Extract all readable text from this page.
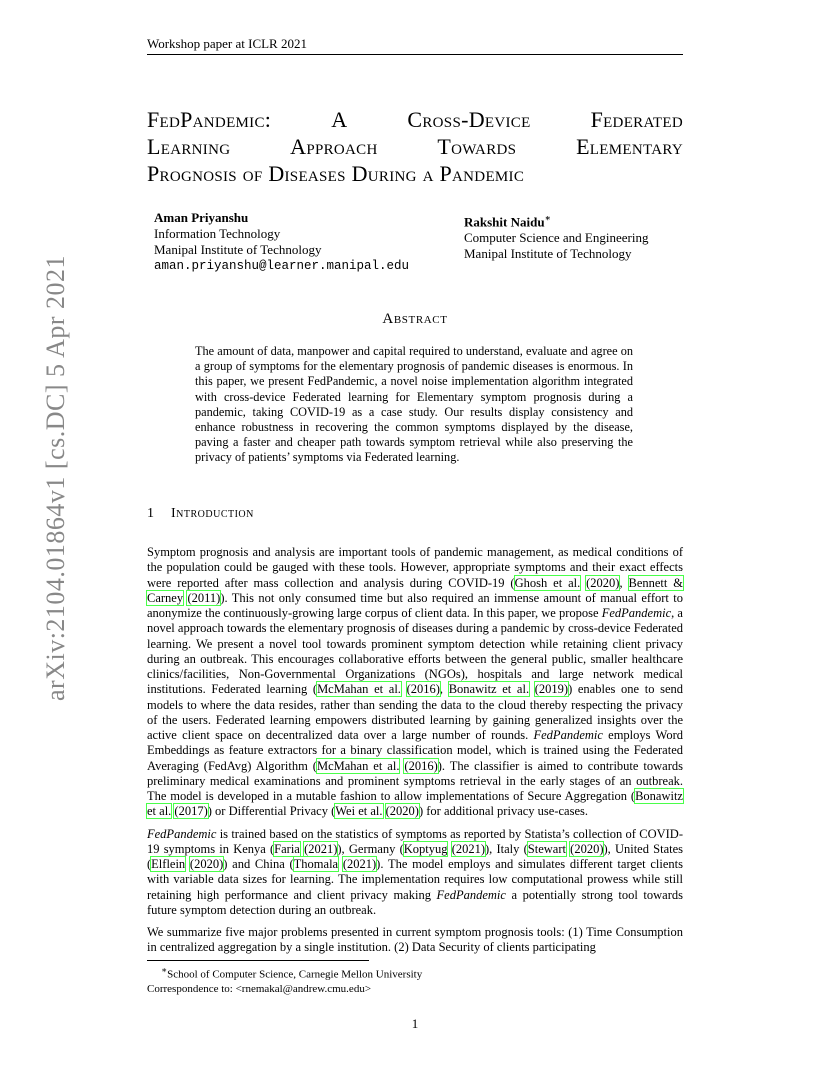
Workshop paper at ICLR 2021
FedPandemic:	A	Cross-Device	Federated
Learning	Approach	Towards	Elementary
Prognosis of Diseases During a Pandemic
Aman Priyanshu
Information Technology
Manipal Institute of Technology
aman.priyanshu@learner.manipal.edu
Rakshit Naidu∗
Computer Science and Engineering
Manipal Institute of Technology
arXiv:2104.01864v1 [cs.DC] 5 Apr 2021	Abstract
The amount of data, manpower and capital required to understand, evaluate and agree on a group of symptoms for the elementary prognosis of pandemic diseases is enormous. In this paper, we present FedPandemic, a novel noise implementation algorithm integrated with cross-device Federated learning for Elementary symptom prognosis during a pandemic, taking COVID-19 as a case study. Our results display consistency and enhance robustness in recovering the common symptoms displayed by the disease, paving a faster and cheaper path towards symptom retrieval while also preserving the privacy of patients’ symptoms via Federated learning.
1 Introduction

Symptom prognosis and analysis are important tools of pandemic management, as medical conditions of the population could be gauged with these tools. However, appropriate symptoms and their exact effects were reported after mass collection and analysis during COVID-19 (Ghosh et al. (2020), Bennett & Carney (2011)). This not only consumed time but also required an immense amount of manual effort to anonymize the continuously-growing large corpus of client data. In this paper, we propose FedPandemic, a novel approach towards the elementary prognosis of diseases during a pandemic by cross-device Federated learning. We present a novel tool towards prominent symptom detection while retaining client privacy during an outbreak. This encourages collaborative efforts between the general public, smaller healthcare clinics/facilities, Non-Governmental Organizations (NGOs), hospitals and large network medical institutions. Federated learning (McMahan et al. (2016), Bonawitz et al. (2019)) enables one to send models to where the data resides, rather than sending the data to the cloud thereby respecting the privacy of the users. Federated learning empowers distributed learning by gaining generalized insights over the active client space on decentralized data over a large number of rounds. FedPandemic employs Word Embeddings as feature extractors for a binary classification model, which is trained using the Federated Averaging (FedAvg) Algorithm (McMahan et al. (2016)). The classifier is aimed to contribute towards preliminary medical examinations and prominent symptoms retrieval in the early stages of an outbreak. The model is developed in a mutable fashion to allow implementations of Secure Aggregation (Bonawitz et al. (2017)) or Differential Privacy (Wei et al. (2020)) for additional privacy use-cases.

FedPandemic is trained based on the statistics of symptoms as reported by Statista’s collection of COVID-19 symptoms in Kenya (Faria (2021)), Germany (Koptyug (2021)), Italy (Stewart (2020)), United States (Elflein (2020)) and China (Thomala (2021)). The model employs and simulates different target clients with variable data sizes for learning. The implementation requires low computational prowess while still retaining high performance and client privacy making FedPandemic a potentially strong tool towards future symptom detection during an outbreak.

We summarize five major problems presented in current symptom prognosis tools: (1) Time Consumption in centralized aggregation by a single institution. (2) Data Security of clients participating

∗School of Computer Science, Carnegie Mellon University
Correspondence to: <rnemakal@andrew.cmu.edu>
1
